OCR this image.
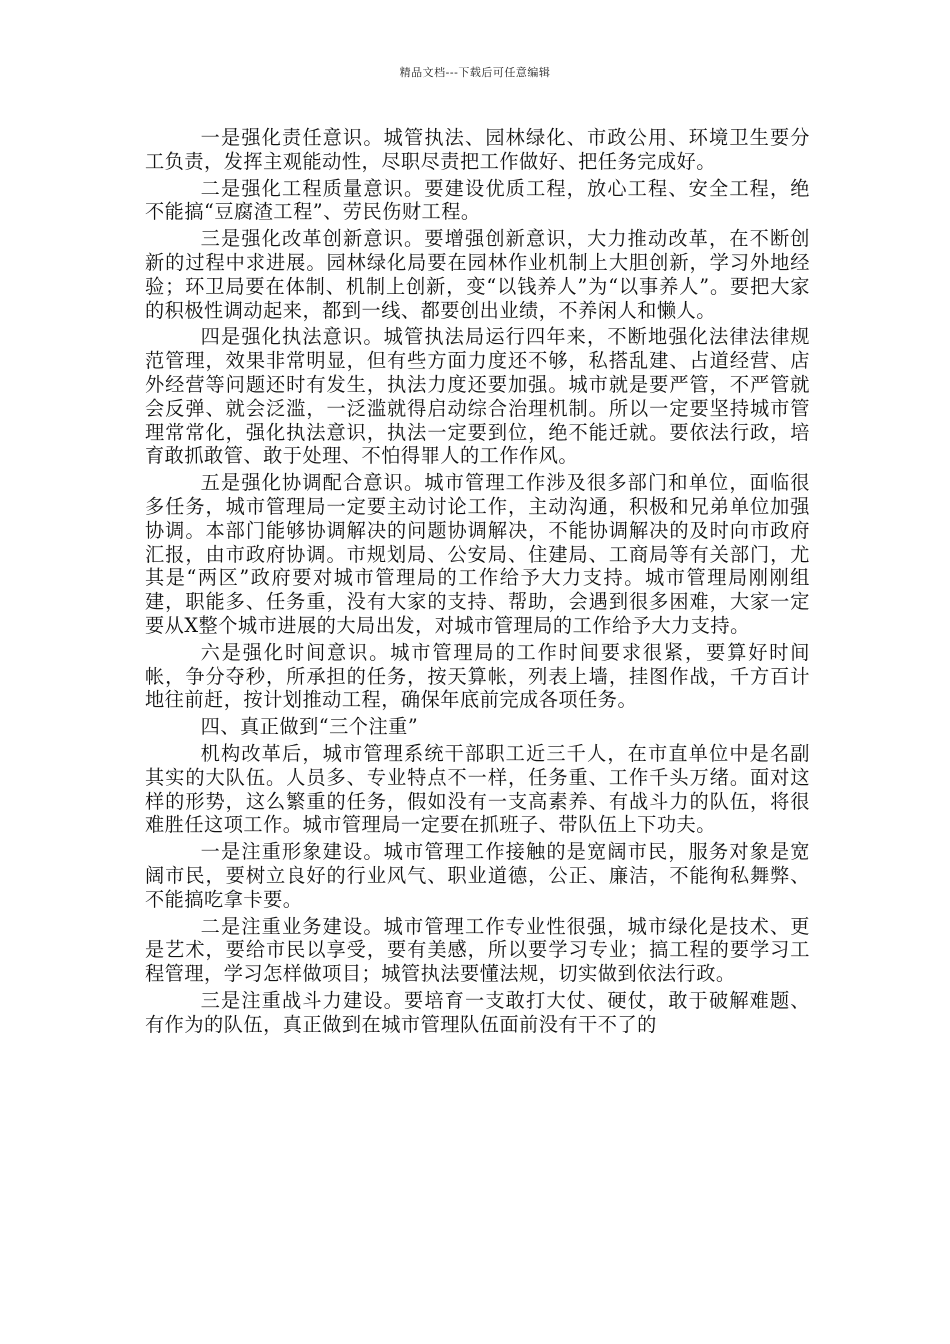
精品文档---下载后可任意编辑

一是强化责任意识。城管执法、园林绿化、市政公用、环境卫生要分工负责，发挥主观能动性，尽职尽责把工作做好、把任务完成好。

二是强化工程质量意识。要建设优质工程，放心工程、安全工程，绝不能搞“豆腐渣工程”、劳民伤财工程。

三是强化改革创新意识。要增强创新意识，大力推动改革，在不断创新的过程中求进展。园林绿化局要在园林作业机制上大胆创新，学习外地经验；环卫局要在体制、机制上创新，变“以钱养人”为“以事养人”。要把大家的积极性调动起来，都到一线、都要创出业绩，不养闲人和懒人。

四是强化执法意识。城管执法局运行四年来，不断地强化法律法律规范管理，效果非常明显，但有些方面力度还不够，私搭乱建、占道经营、店外经营等问题还时有发生，执法力度还要加强。城市就是要严管，不严管就会反弹、就会泛滥，一泛滥就得启动综合治理机制。所以一定要坚持城市管理常常化，强化执法意识，执法一定要到位，绝不能迁就。要依法行政，培育敢抓敢管、敢于处理、不怕得罪人的工作作风。

五是强化协调配合意识。城市管理工作涉及很多部门和单位，面临很多任务，城市管理局一定要主动讨论工作，主动沟通，积极和兄弟单位加强协调。本部门能够协调解决的问题协调解决，不能协调解决的及时向市政府汇报，由市政府协调。市规划局、公安局、住建局、工商局等有关部门，尤其是“两区”政府要对城市管理局的工作给予大力支持。城市管理局刚刚组建，职能多、任务重，没有大家的支持、帮助，会遇到很多困难，大家一定要从X整个城市进展的大局出发，对城市管理局的工作给予大力支持。

六是强化时间意识。城市管理局的工作时间要求很紧，要算好时间帐，争分夺秒，所承担的任务，按天算帐，列表上墙，挂图作战，千方百计地往前赶，按计划推动工程，确保年底前完成各项任务。

四、真正做到“三个注重”

机构改革后，城市管理系统干部职工近三千人，在市直单位中是名副其实的大队伍。人员多、专业特点不一样，任务重、工作千头万绪。面对这样的形势，这么繁重的任务，假如没有一支高素养、有战斗力的队伍，将很难胜任这项工作。城市管理局一定要在抓班子、带队伍上下功夫。

一是注重形象建设。城市管理工作接触的是宽阔市民，服务对象是宽阔市民，要树立良好的行业风气、职业道德，公正、廉洁，不能徇私舞弊、不能搞吃拿卡要。

二是注重业务建设。城市管理工作专业性很强，城市绿化是技术、更是艺术，要给市民以享受，要有美感，所以要学习专业；搞工程的要学习工程管理，学习怎样做项目；城管执法要懂法规，切实做到依法行政。

三是注重战斗力建设。要培育一支敢打大仗、硬仗，敢于破解难题、有作为的队伍，真正做到在城市管理队伍面前没有干不了的
